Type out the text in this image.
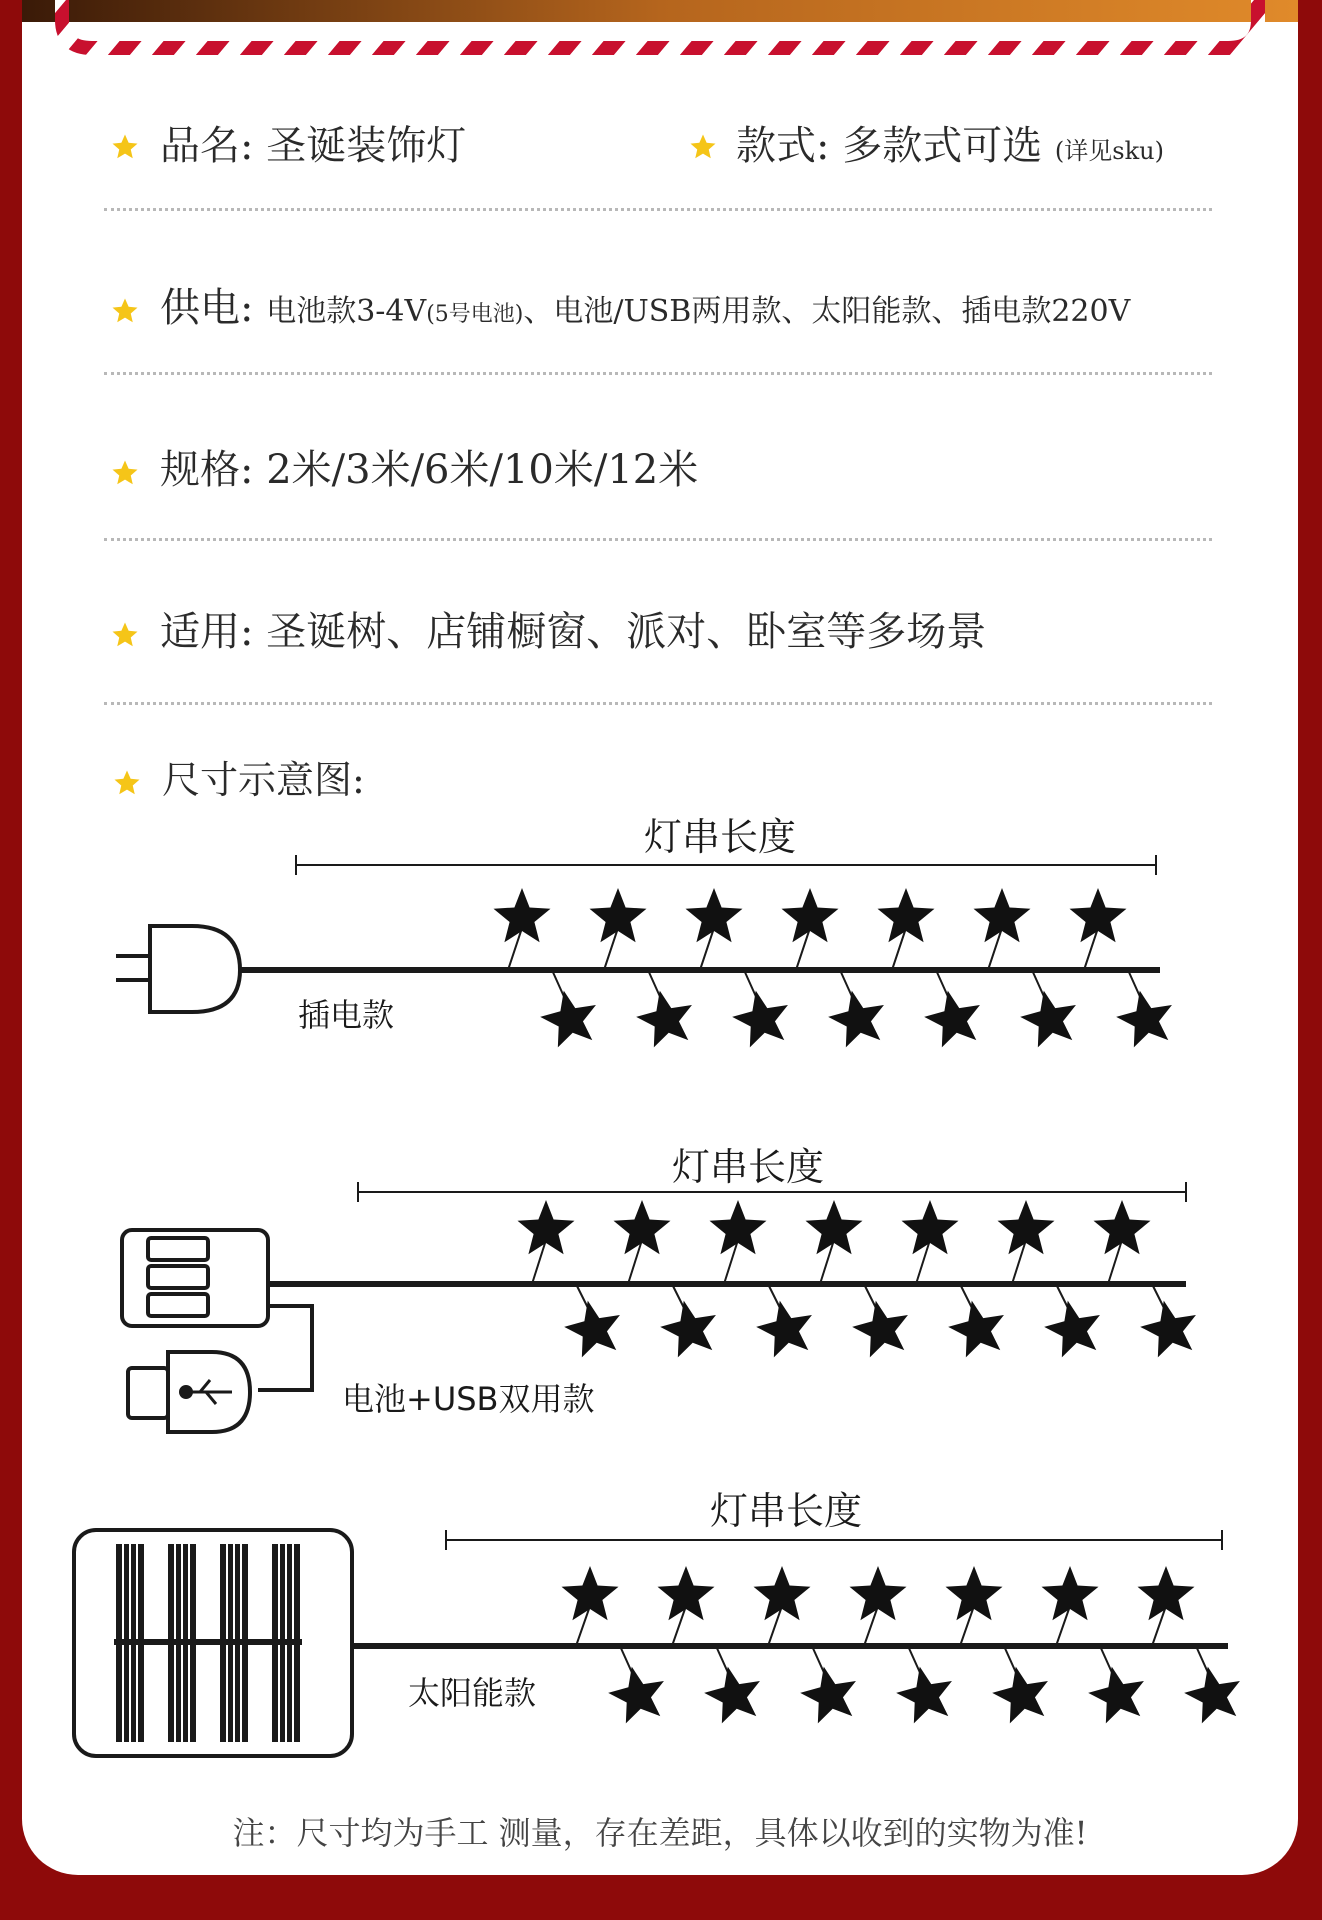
品名: 圣诞装饰灯	款式: 多款式可选 (详见sku)
供电: 电池款3-4V(5号电池)、电池/USB两用款、太阳能款、插电款220V
规格: 2米/3米/6米/10米/12米
适用: 圣诞树、店铺橱窗、派对、卧室等多场景
尺寸示意图:
灯串长度
插电款
灯串长度
电池+USB双用款
灯串长度
太阳能款
注：尺寸均为手工 测量，存在差距，具体以收到的实物为准!
